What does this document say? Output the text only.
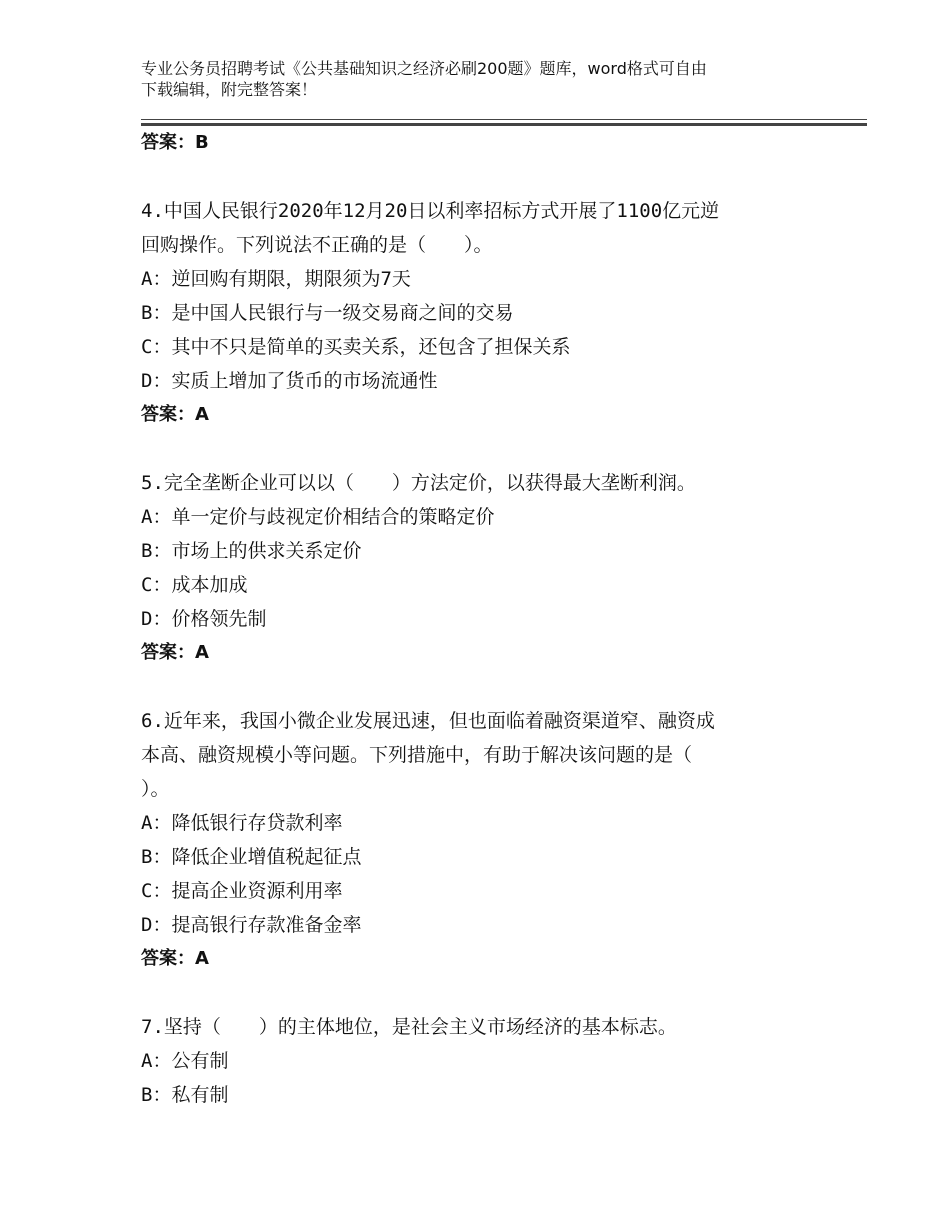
专业公务员招聘考试《公共基础知识之经济必刷200题》题库，word格式可自由
下载编辑，附完整答案！
答案：B
4.中国人民银行2020年12月20日以利率招标方式开展了1100亿元逆
回购操作。下列说法不正确的是（　　）。
A：逆回购有期限，期限须为7天
B：是中国人民银行与一级交易商之间的交易
C：其中不只是简单的买卖关系，还包含了担保关系
D：实质上增加了货币的市场流通性
答案：A
5.完全垄断企业可以以（　　）方法定价，以获得最大垄断利润。
A：单一定价与歧视定价相结合的策略定价
B：市场上的供求关系定价
C：成本加成
D：价格领先制
答案：A
6.近年来，我国小微企业发展迅速，但也面临着融资渠道窄、融资成
本高、融资规模小等问题。下列措施中，有助于解决该问题的是（
）。
A：降低银行存贷款利率
B：降低企业增值税起征点
C：提高企业资源利用率
D：提高银行存款准备金率
答案：A
7.坚持（　　）的主体地位，是社会主义市场经济的基本标志。
A：公有制
B：私有制
